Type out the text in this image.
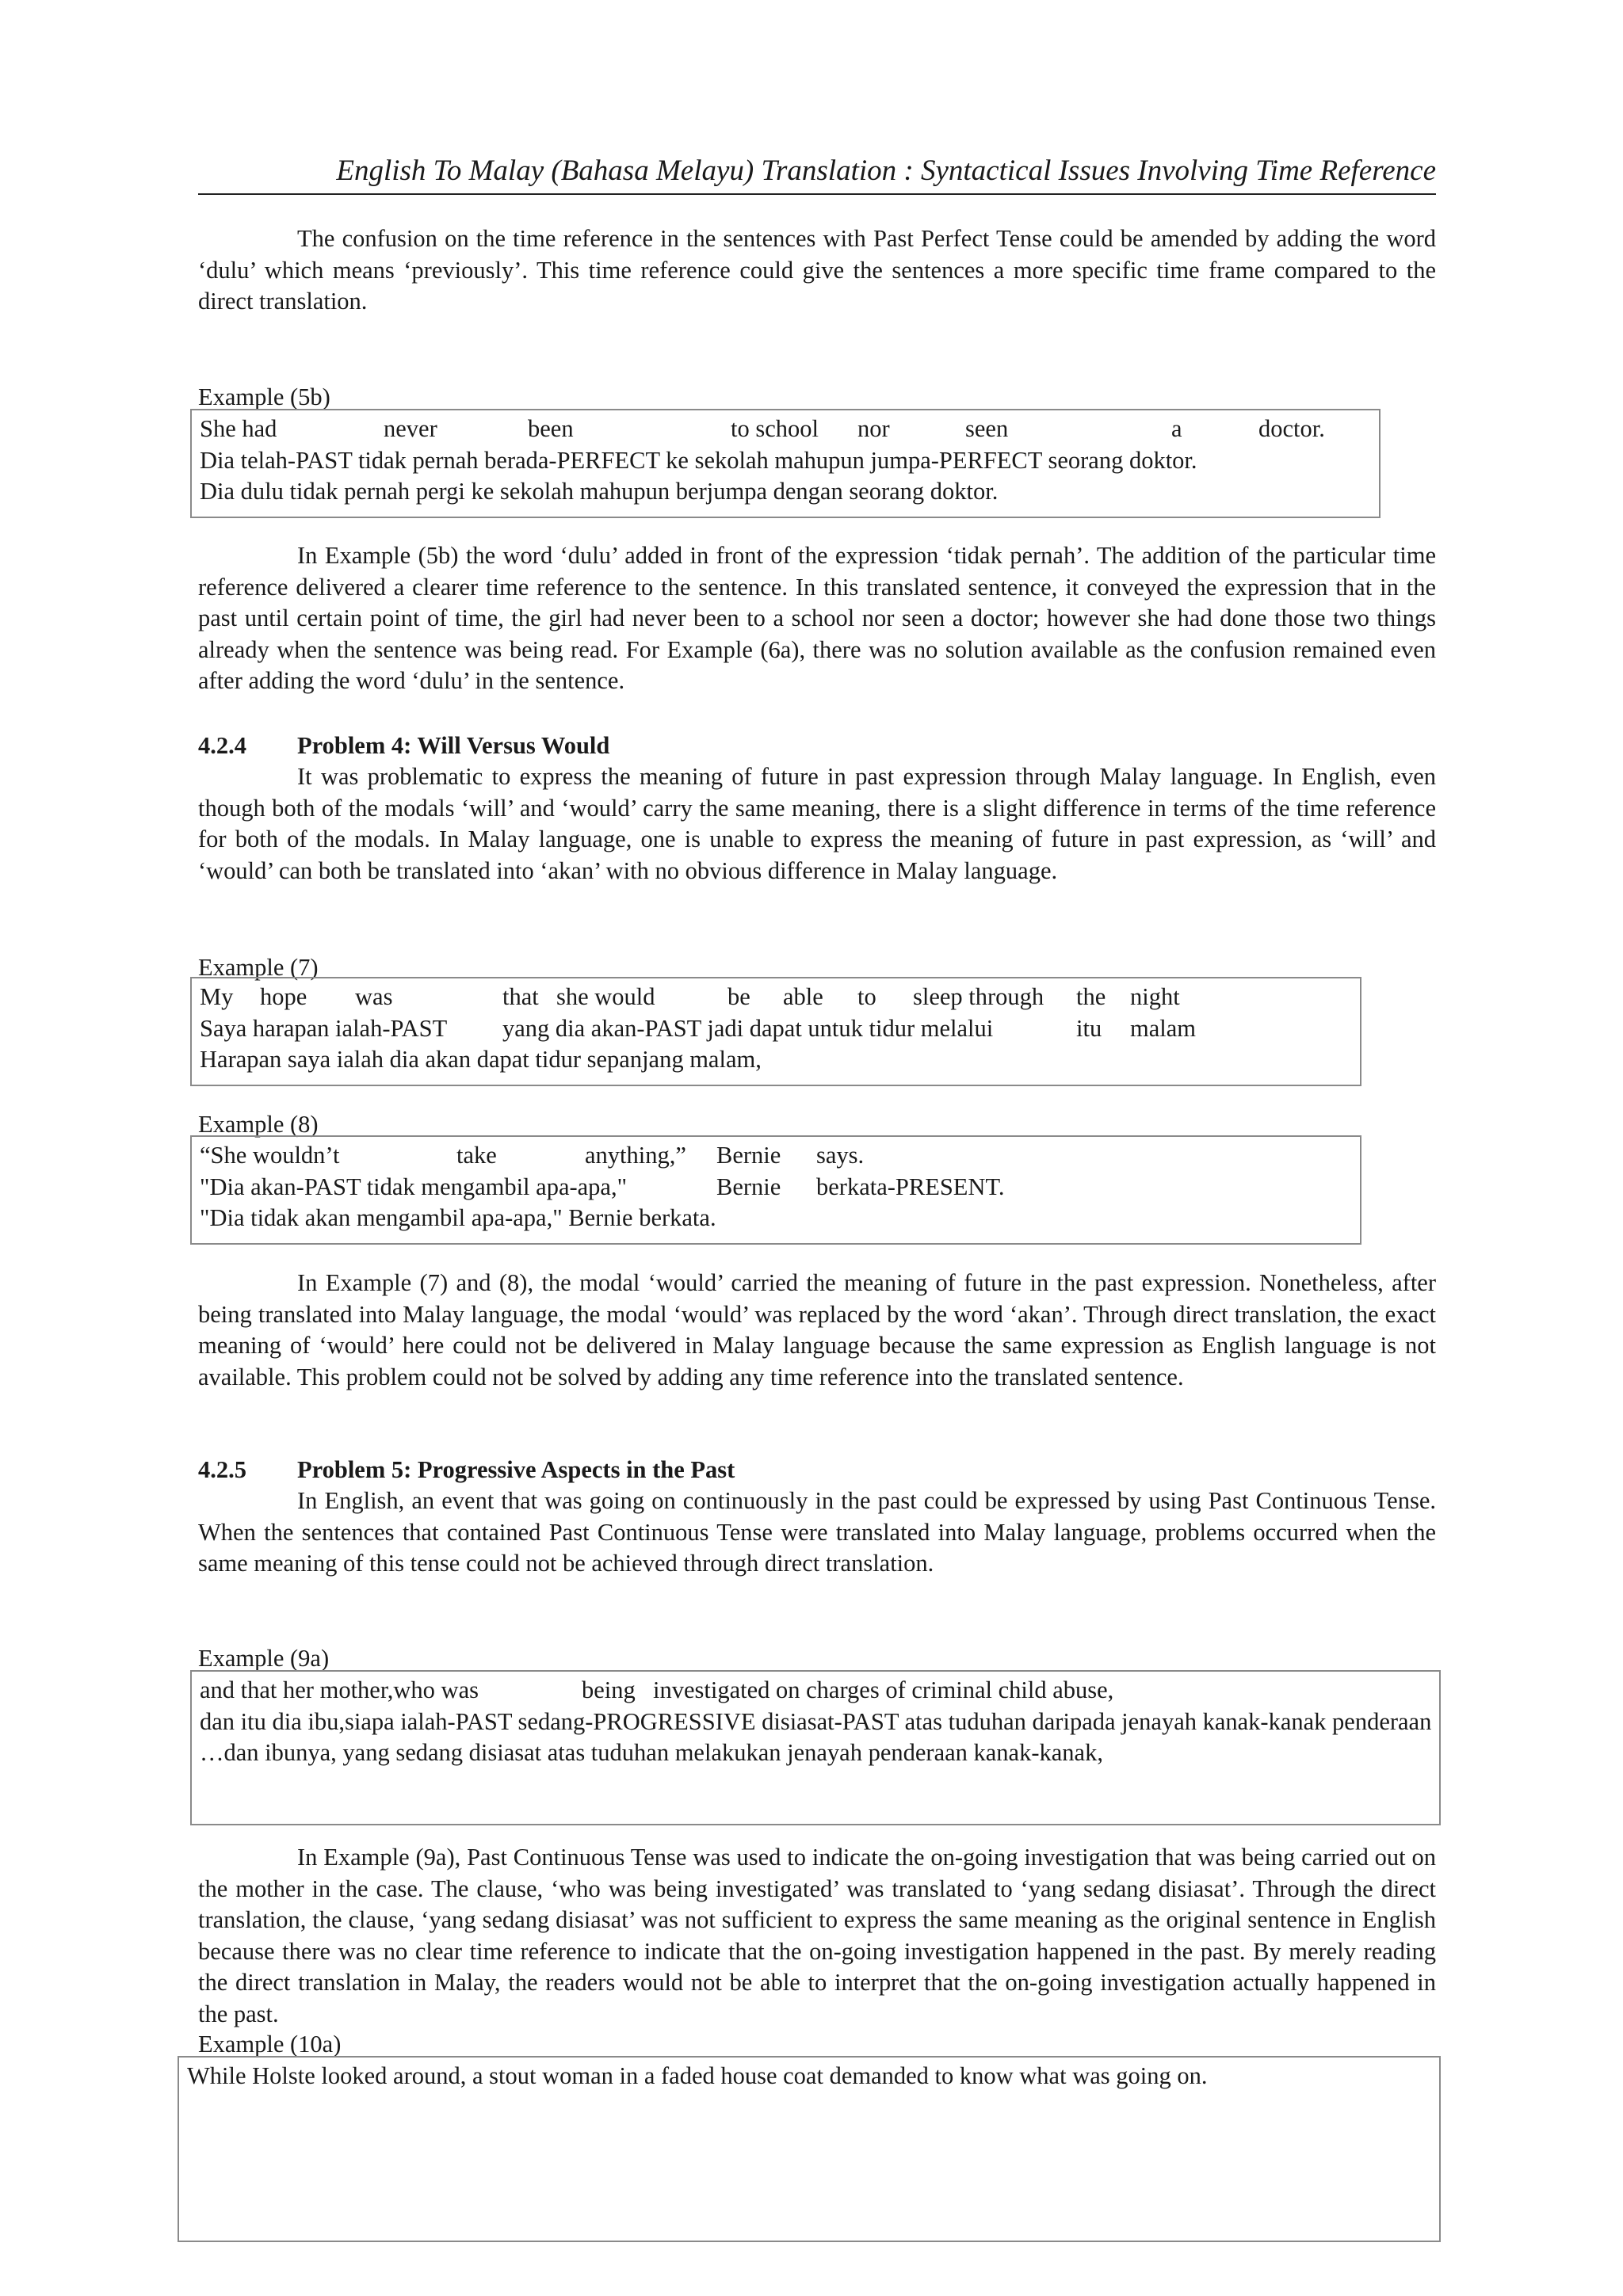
English To Malay (Bahasa Melayu) Translation : Syntactical Issues Involving Time Reference

The confusion on the time reference in the sentences with Past Perfect Tense could be amended by adding the word ‘dulu’ which means ‘previously’. This time reference could give the sentences a more specific time frame compared to the direct translation.

Example (5b)
She had	never	been	to school nor	seen	a	doctor.
Dia telah-PAST tidak pernah berada-PERFECT ke sekolah mahupun jumpa-PERFECT seorang doktor.
Dia dulu tidak pernah pergi ke sekolah mahupun berjumpa dengan seorang doktor.

In Example (5b) the word ‘dulu’ added in front of the expression ‘tidak pernah’. The addition of the particular time reference delivered a clearer time reference to the sentence. In this translated sentence, it conveyed the expression that in the past until certain point of time, the girl had never been to a school nor seen a doctor; however she had done those two things already when the sentence was being read. For Example (6a), there was no solution available as the confusion remained even after adding the word ‘dulu’ in the sentence.

4.2.4 Problem 4: Will Versus Would

It was problematic to express the meaning of future in past expression through Malay language. In English, even though both of the modals ‘will’ and ‘would’ carry the same meaning, there is a slight difference in terms of the time reference for both of the modals. In Malay language, one is unable to express the meaning of future in past expression, as ‘will’ and ‘would’ can both be translated into ‘akan’ with no obvious difference in Malay language.

Example (7)
My hope was	that she would	be able to sleep through the night
Saya harapan ialah-PAST yang dia akan-PAST jadi dapat untuk tidur melalui	itu malam
Harapan saya ialah dia akan dapat tidur sepanjang malam,
Example (8)
“She wouldn’t	take	anything,” Bernie says.
"Dia akan-PAST tidak mengambil apa-apa,"	Bernie berkata-PRESENT.
"Dia tidak akan mengambil apa-apa," Bernie berkata.

In Example (7) and (8), the modal ‘would’ carried the meaning of future in the past expression. Nonetheless, after being translated into Malay language, the modal ‘would’ was replaced by the word ‘akan’. Through direct translation, the exact meaning of ‘would’ here could not be delivered in Malay language because the same expression as English language is not available. This problem could not be solved by adding any time reference into the translated sentence.

4.2.5 Problem 5: Progressive Aspects in the Past

In English, an event that was going on continuously in the past could be expressed by using Past Continuous Tense. When the sentences that contained Past Continuous Tense were translated into Malay language, problems occurred when the same meaning of this tense could not be achieved through direct translation.

Example (9a)
and that her mother,who was	being investigated on charges of criminal child abuse,
dan itu dia ibu,siapa ialah-PAST sedang-PROGRESSIVE disiasat-PAST atas tuduhan daripada jenayah kanak-kanak penderaan
…dan ibunya, yang sedang disiasat atas tuduhan melakukan jenayah penderaan kanak-kanak,

In Example (9a), Past Continuous Tense was used to indicate the on-going investigation that was being carried out on the mother in the case. The clause, ‘who was being investigated’ was translated to ‘yang sedang disiasat’. Through the direct translation, the clause, ‘yang sedang disiasat’ was not sufficient to express the same meaning as the original sentence in English because there was no clear time reference to indicate that the on-going investigation happened in the past. By merely reading the direct translation in Malay, the readers would not be able to interpret that the on-going investigation actually happened in the past.

Example (10a)
While Holste looked around, a stout woman in a faded house coat demanded to know what was going on.
